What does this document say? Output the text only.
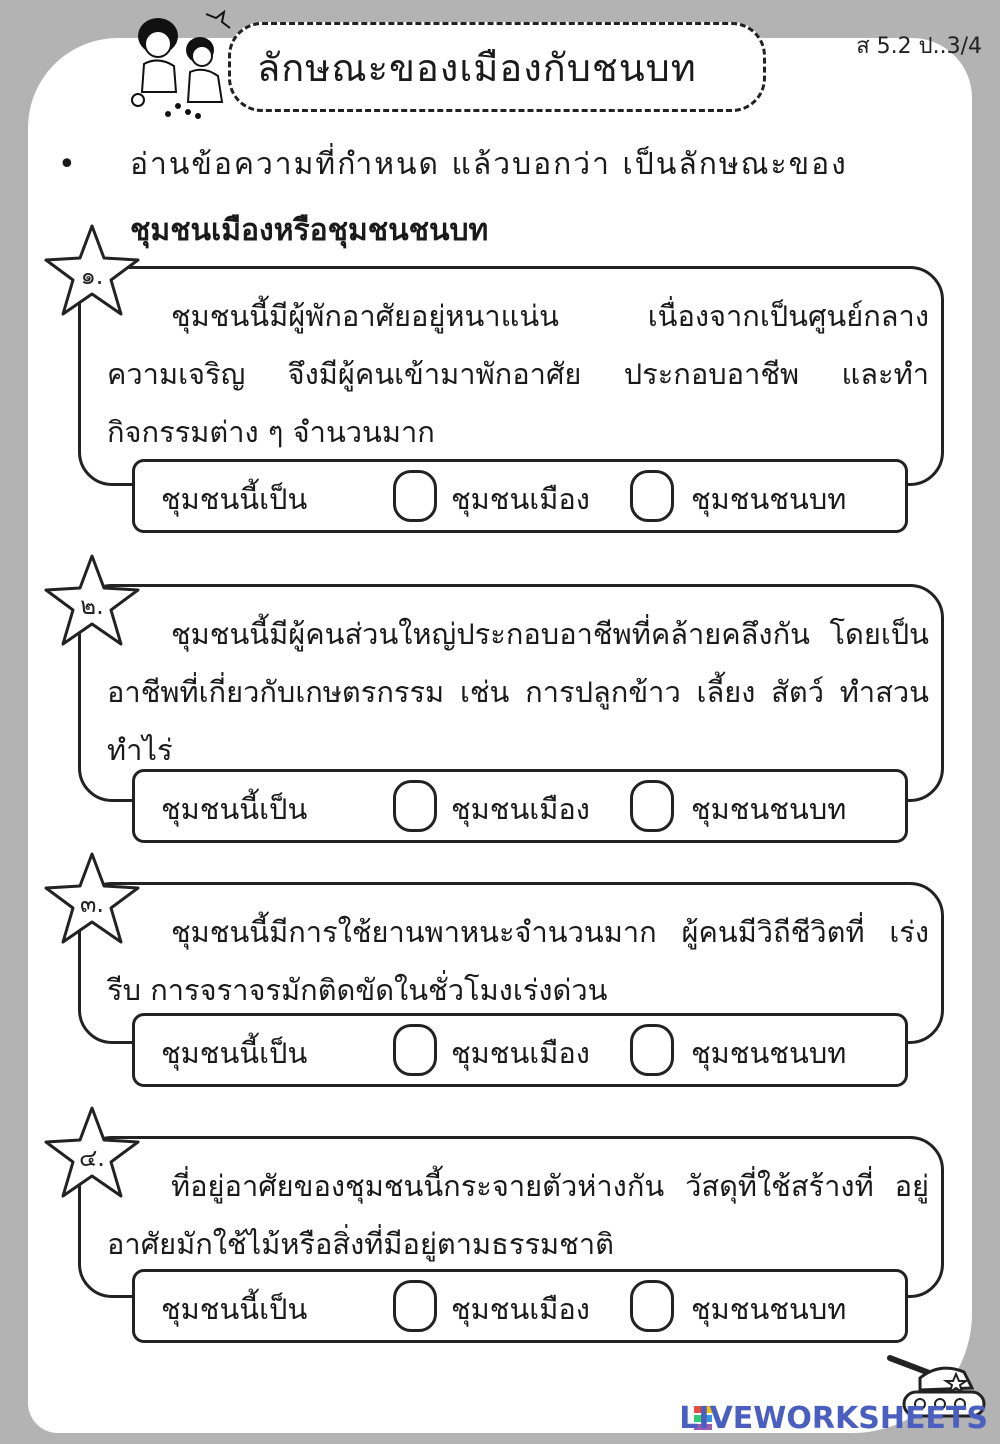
ส 5.2 ป..3/4
ลักษณะของเมืองกับชนบท
• อ่านข้อความที่กำหนด แล้วบอกว่า เป็นลักษณะของ
ชุมชนเมืองหรือชุมชนชนบท
ชุมชนนี้มีผู้พักอาศัยอยู่หนาแน่น เนื่องจากเป็นศูนย์กลาง ความเจริญ จึงมีผู้คนเข้ามาพักอาศัย ประกอบอาชีพ และทำ กิจกรรมต่าง ๆ จำนวนมาก
๑.
ชุมชนนี้เป็น	ชุมชนเมือง	ชุมชนชนบท
ชุมชนนี้มีผู้คนส่วนใหญ่ประกอบอาชีพที่คล้ายคลึงกัน โดยเป็นอาชีพที่เกี่ยวกับเกษตรกรรม เช่น การปลูกข้าว เลี้ยง สัตว์ ทำสวน ทำไร่
๒.
ชุมชนนี้เป็น	ชุมชนเมือง	ชุมชนชนบท
ชุมชนนี้มีการใช้ยานพาหนะจำนวนมาก ผู้คนมีวิถีชีวิตที่ เร่งรีบ การจราจรมักติดขัดในชั่วโมงเร่งด่วน
๓.
ชุมชนนี้เป็น	ชุมชนเมือง	ชุมชนชนบท
ที่อยู่อาศัยของชุมชนนี้กระจายตัวห่างกัน วัสดุที่ใช้สร้างที่ อยู่อาศัยมักใช้ไม้หรือสิ่งที่มีอยู่ตามธรรมชาติ
๔.
ชุมชนนี้เป็น	ชุมชนเมือง	ชุมชนชนบท
LIVEWORKSHEETS
